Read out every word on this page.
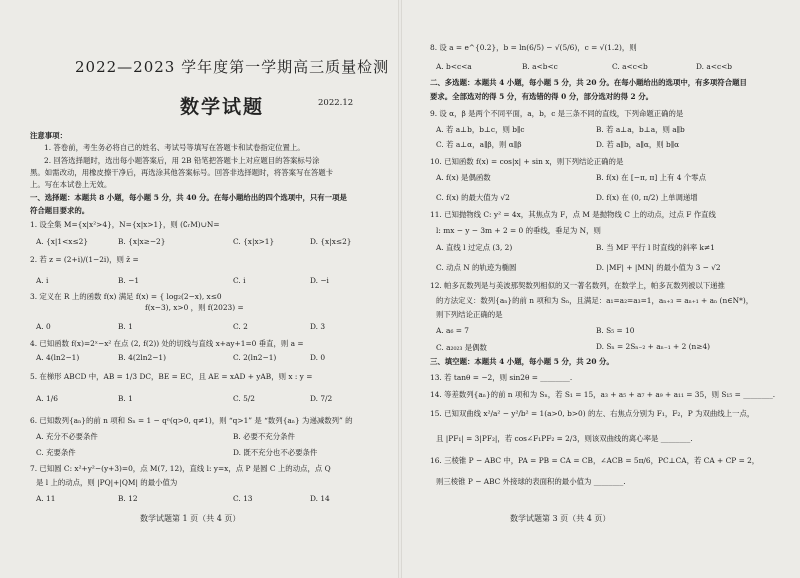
2022—2023 学年度第一学期高三质量检测
数学试题	2022.12
注意事项：
1. 答卷前，考生务必将自己的姓名、考试号等填写在答题卡和试卷指定位置上。
2. 回答选择题时，选出每小题答案后，用 2B 铅笔把答题卡上对应题目的答案标号涂
黑。如需改动，用橡皮擦干净后，再选涂其他答案标号。回答非选择题时，将答案写在答题卡
上。写在本试卷上无效。
一、选择题：本题共 8 小题，每小题 5 分，共 40 分。在每小题给出的四个选项中，只有一项是
符合题目要求的。
1. 设全集 M={x|x²>4}，N={x|x>1}，则 (∁ᵣM)∪N=
A. {x|1<x≤2}	B. {x|x≥−2}	C. {x|x>1}	D. {x|x≤2}
2. 若 z = (2+i)/(1−2i)，则 z̄ =
A. i	B. −1	C. i	D. −i
3. 定义在 R 上的函数 f(x) 满足 f(x) = { log₂(2−x), x≤0
f(x−3), x>0 ，则 f(2023) =
A. 0	B. 1	C. 2	D. 3
4. 已知函数 f(x)=2ˣ−x² 在点 (2, f(2)) 处的切线与直线 x+ay+1=0 垂直，则 a =
A. 4(ln2−1)	B. 4(2ln2−1)	C. 2(ln2−1)	D. 0
5. 在梯形 ABCD 中，AB = 1/3 DC，BE = EC，且 AE = xAD + yAB，则 x : y =
A. 1/6	B. 1	C. 5/2	D. 7/2
6. 已知数列{aₙ}的前 n 项和 Sₙ = 1 − qⁿ(q>0, q≠1)，则 “q>1” 是 “数列{aₙ} 为递减数列” 的
A. 充分不必要条件	B. 必要不充分条件
C. 充要条件	D. 既不充分也不必要条件
7. 已知圆 C: x²+y²−(y+3)=0，点 M(7, 12)，直线 l: y=x，点 P 是圆 C 上的动点，点 Q
是 l 上的动点，则 |PQ|+|QM| 的最小值为
A. 11	B. 12	C. 13	D. 14
数学试题第 1 页（共 4 页）
8. 设 a = e^{0.2}，b = ln(6/5) − √(5/6)，c = √(1.2)，则
A. b<c<a	B. a<b<c	C. a<c<b	D. a<c<b
二、多选题：本题共 4 小题，每小题 5 分，共 20 分。在每小题给出的选项中，有多项符合题目
要求。全部选对的得 5 分，有选错的得 0 分，部分选对的得 2 分。
9. 设 α，β 是两个不同平面，a，b，c 是三条不同的直线，下列命题正确的是
A. 若 a⊥b，b⊥c，则 b∥c	B. 若 a⊥a，b⊥a，则 a∥b
C. 若 a⊥α，a∥β，则 α∥β	D. 若 a∥b，a∥α，则 b∥α
10. 已知函数 f(x) = cos|x| + sin x，则下列结论正确的是
A. f(x) 是偶函数	B. f(x) 在 [−π, π] 上有 4 个零点
C. f(x) 的最大值为 √2	D. f(x) 在 (0, π/2) 上单调递增
11. 已知抛物线 C: y² = 4x，其焦点为 F，点 M 是抛物线 C 上的动点，过点 F 作直线
l: mx − y − 3m + 2 = 0 的垂线，垂足为 N，则
A. 直线 l 过定点 (3, 2)	B. 当 MF 平行 l 时直线的斜率 k≠1
C. 动点 N 的轨迹为椭圆	D. |MF| + |MN| 的最小值为 3 − √2
12. 帕多瓦数列是与美波那契数列相似的又一著名数列，在数学上，帕多瓦数列被以下递推
的方法定义：数列{aₙ}的前 n 项和为 Sₙ，且满足：a₁=a₂=a₃=1，aₙ₊₃ = aₙ₊₁ + aₙ (n∈N*)，
则下列结论正确的是
A. a₆ = 7	B. S₅ = 10
C. a₂₀₂₃ 是偶数	D. Sₙ = 2Sₙ₋₂ + aₙ₋₁ + 2 (n≥4)
三、填空题：本题共 4 小题，每小题 5 分，共 20 分。
13. 若 tanθ = −2，则 sin2θ = ________.
14. 等差数列{aₙ}的前 n 项和为 Sₙ，若 S₁ = 15，a₃ + a₅ + a₇ + a₉ + a₁₁ = 35，则 S₁₅ = ________.
15. 已知双曲线 x²/a² − y²/b² = 1(a>0, b>0) 的左、右焦点分别为 F₁，F₂，P 为双曲线上一点，
且 |PF₁| = 3|PF₂|，若 cos∠F₁PF₂ = 2/3，则该双曲线的离心率是 ________.
16. 三棱锥 P − ABC 中，PA = PB = CA = CB，∠ACB = 5π/6，PC⊥CA，若 CA + CP = 2，
则三棱锥 P − ABC 外接球的表面积的最小值为 ________.
数学试题第 3 页（共 4 页）
